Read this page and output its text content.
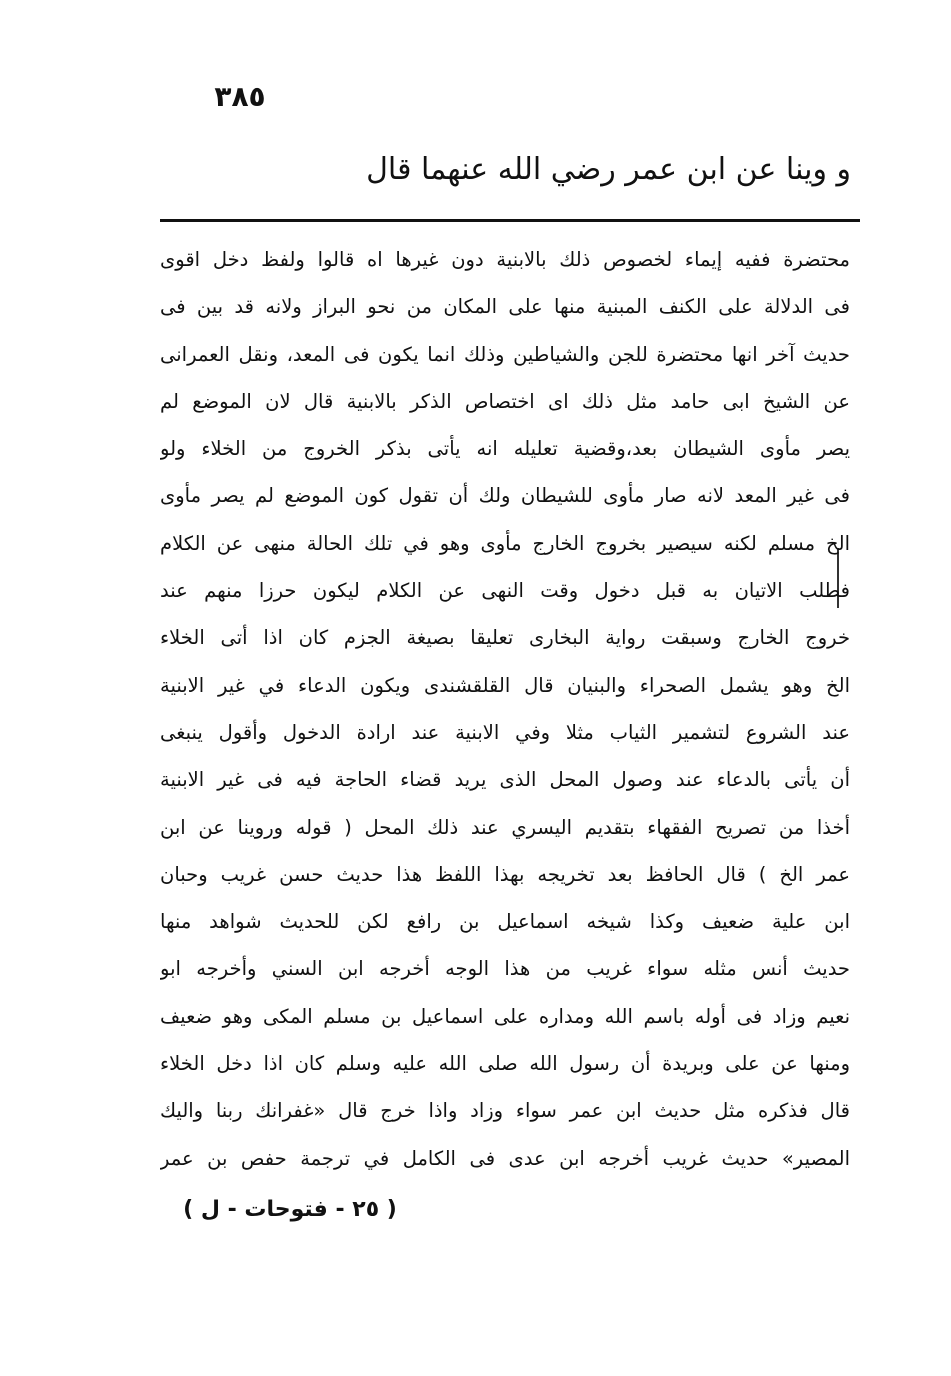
٣٨٥
و وينا عن ابن عمر رضي الله عنهما قال
محتضرة ففيه إيماء لخصوص ذلك بالابنية دون غيرها اه قالوا ولفظ دخل اقوى
فى الدلالة على الكنف المبنية منها على المكان من نحو البراز ولانه قد بين فى
حديث آخر انها محتضرة للجن والشياطين وذلك انما يكون فى المعد، ونقل العمرانى
عن الشيخ ابى حامد مثل ذلك اى اختصاص الذكر بالابنية قال لان الموضع لم
يصر مأوى الشيطان بعد،وقضية تعليله انه يأتى بذكر الخروج من الخلاء ولو
فى غير المعد لانه صار مأوى للشيطان ولك أن تقول كون الموضع لم يصر مأوى
الخ مسلم لكنه سيصير بخروج الخارج مأوى وهو في تلك الحالة منهى عن الكلام
فطلب الاتيان به قبل دخول وقت النهى عن الكلام ليكون حرزا منهم عند
خروج الخارج وسبقت رواية البخارى تعليقا بصيغة الجزم كان اذا أتى الخلاء
الخ وهو يشمل الصحراء والبنيان قال القلقشندى ويكون الدعاء في غير الابنية
عند الشروع لتشمير الثياب مثلا وفي الابنية عند ارادة الدخول وأقول ينبغى
أن يأتى بالدعاء عند وصول المحل الذى يريد قضاء الحاجة فيه فى غير الابنية
أخذا من تصريح الفقهاء بتقديم اليسري عند ذلك المحل ( قوله وروينا عن ابن
عمر الخ ) قال الحافظ بعد تخريجه بهذا اللفظ هذا حديث حسن غريب وحبان
ابن علية ضعيف وكذا شيخه اسماعيل بن رافع لكن للحديث شواهد منها
حديث أنس مثله سواء غريب من هذا الوجه أخرجه ابن السني وأخرجه ابو
نعيم وزاد فى أوله باسم الله ومداره على اسماعيل بن مسلم المكى وهو ضعيف
ومنها عن على وبريدة أن رسول الله صلى الله عليه وسلم كان اذا دخل الخلاء
قال فذكره مثل حديث ابن عمر سواء وزاد واذا خرج قال «غفرانك ربنا واليك
المصير» حديث غريب أخرجه ابن عدى فى الكامل في ترجمة حفص بن عمر
( ٢٥ - فتوحات - ل )
